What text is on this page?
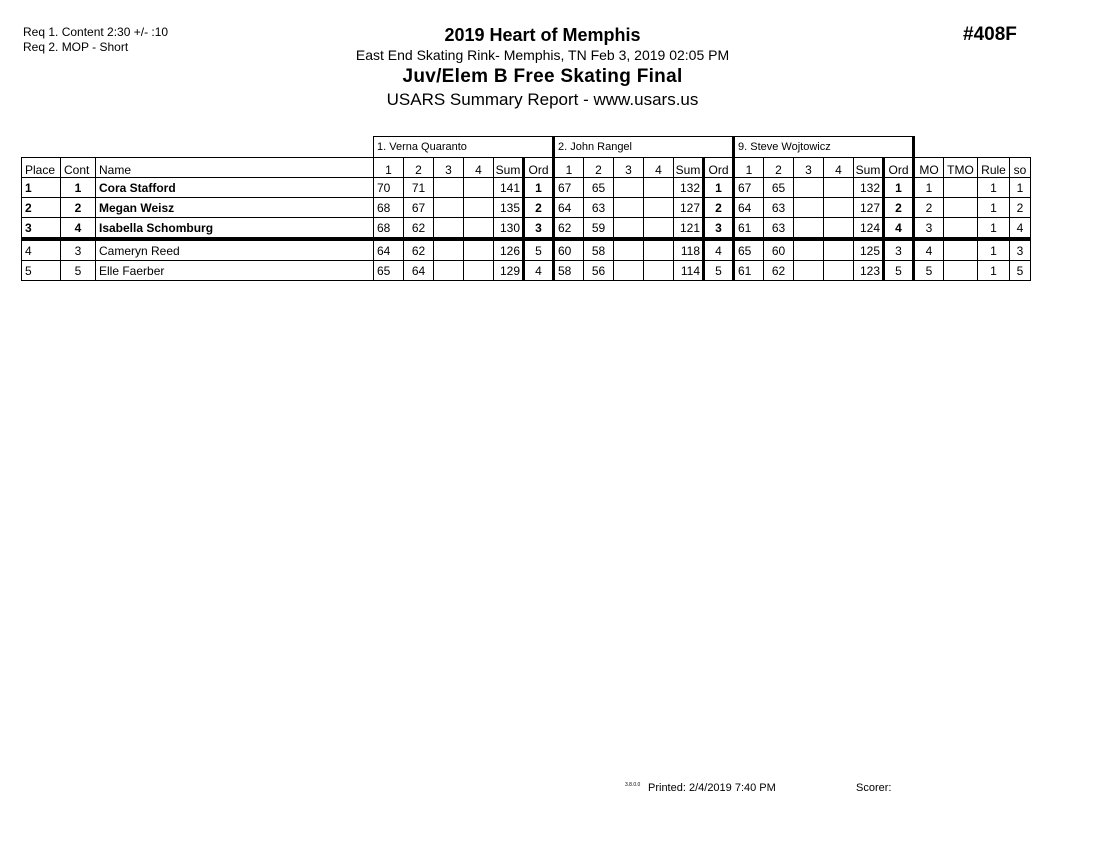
Req 1. Content 2:30 +/- :10
Req 2. MOP - Short
2019 Heart of Memphis
East End Skating Rink- Memphis, TN Feb 3, 2019 02:05 PM
Juv/Elem B Free Skating Final
USARS Summary Report - www.usars.us
#408F
			1. Verna Quaranto						2. John Rangel						9. Steve Wojtowicz									
Place	Cont	Name	1	2	3	4	Sum	Ord	1	2	3	4	Sum	Ord	1	2	3	4	Sum	Ord	MO	TMO	Rule	so
1	1	Cora Stafford	70	71			141	1	67	65			132	1	67	65			132	1	1		1	1
2	2	Megan Weisz	68	67			135	2	64	63			127	2	64	63			127	2	2		1	2
3	4	Isabella Schomburg	68	62			130	3	62	59			121	3	61	63			124	4	3		1	4
4	3	Cameryn Reed	64	62			126	5	60	58			118	4	65	60			125	3	4		1	3
5	5	Elle Faerber	65	64			129	4	58	56			114	5	61	62			123	5	5		1	5
3.8.0.0 Printed: 2/4/2019 7:40 PM	Scorer:
